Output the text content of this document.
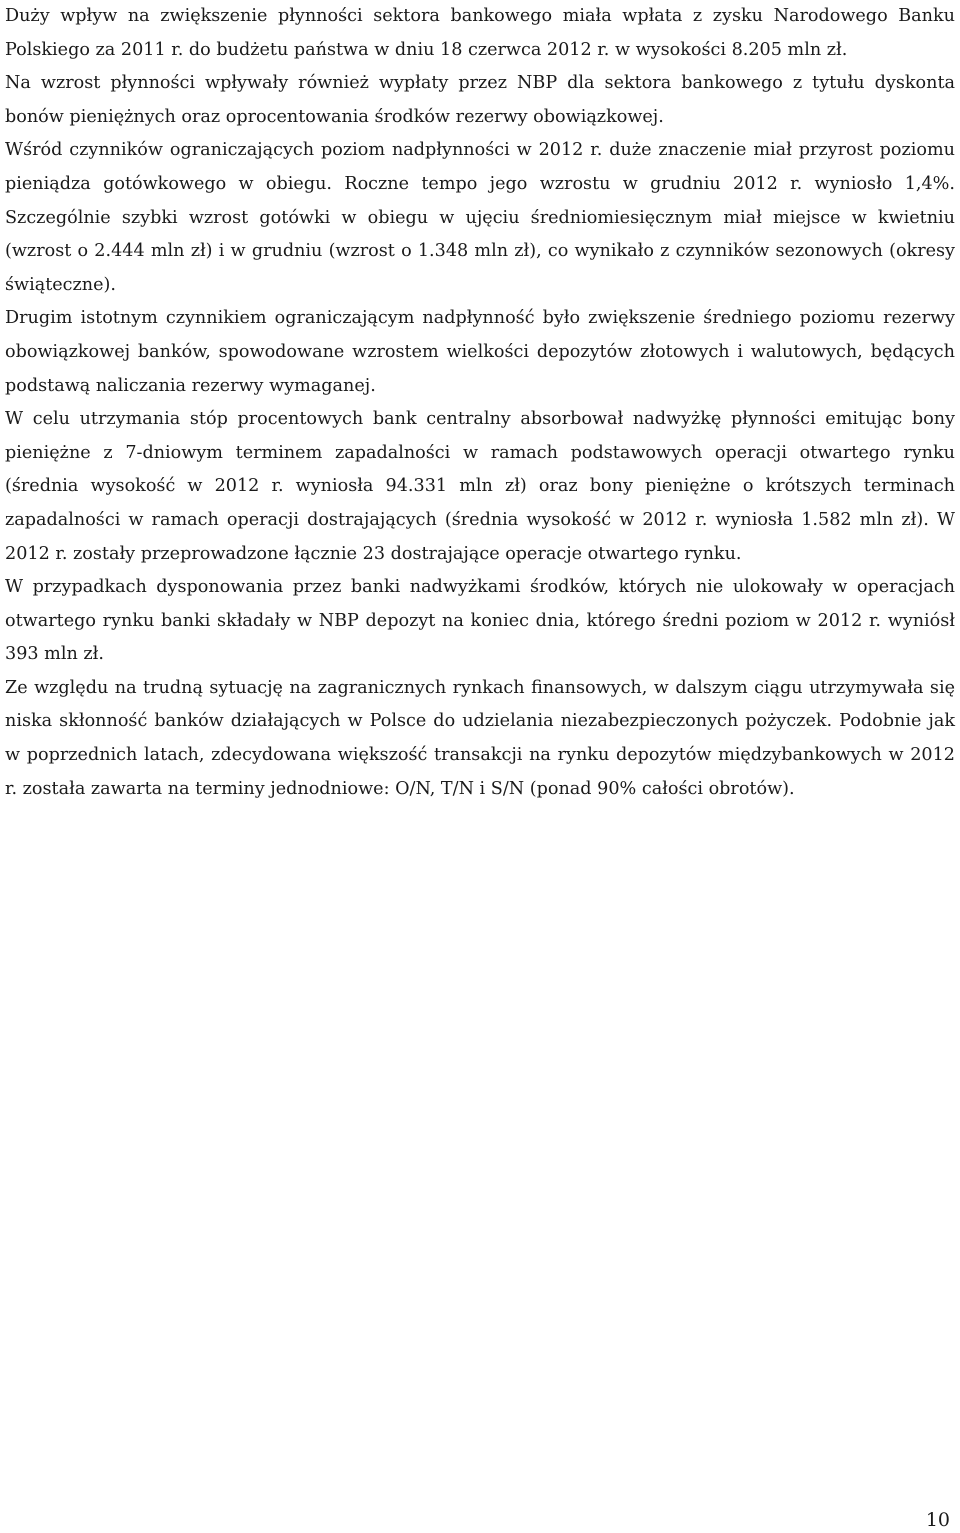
Duży wpływ na zwiększenie płynności sektora bankowego miała wpłata z zysku Narodowego Banku Polskiego za 2011 r. do budżetu państwa w dniu 18 czerwca 2012 r. w wysokości 8.205 mln zł.

Na wzrost płynności wpływały również wypłaty przez NBP dla sektora bankowego z tytułu dyskonta bonów pieniężnych oraz oprocentowania środków rezerwy obowiązkowej.

Wśród czynników ograniczających poziom nadpłynności w 2012 r. duże znaczenie miał przyrost poziomu pieniądza gotówkowego w obiegu. Roczne tempo jego wzrostu w grudniu 2012 r. wyniosło 1,4%. Szczególnie szybki wzrost gotówki w obiegu w ujęciu średniomiesięcznym miał miejsce w kwietniu (wzrost o 2.444 mln zł) i w grudniu (wzrost o 1.348 mln zł), co wynikało z czynników sezonowych (okresy świąteczne).

Drugim istotnym czynnikiem ograniczającym nadpłynność było zwiększenie średniego poziomu rezerwy obowiązkowej banków, spowodowane wzrostem wielkości depozytów złotowych i walutowych, będących podstawą naliczania rezerwy wymaganej.

W celu utrzymania stóp procentowych bank centralny absorbował nadwyżkę płynności emitując bony pieniężne z 7-dniowym terminem zapadalności w ramach podstawowych operacji otwartego rynku (średnia wysokość w 2012 r. wyniosła 94.331 mln zł) oraz bony pieniężne o krótszych terminach zapadalności w ramach operacji dostrajających (średnia wysokość w 2012 r. wyniosła 1.582 mln zł). W 2012 r. zostały przeprowadzone łącznie 23 dostrajające operacje otwartego rynku.

W przypadkach dysponowania przez banki nadwyżkami środków, których nie ulokowały w operacjach otwartego rynku banki składały w NBP depozyt na koniec dnia, którego średni poziom w 2012 r. wyniósł 393 mln zł.

Ze względu na trudną sytuację na zagranicznych rynkach finansowych, w dalszym ciągu utrzymywała się niska skłonność banków działających w Polsce do udzielania niezabezpieczonych pożyczek. Podobnie jak w poprzednich latach, zdecydowana większość transakcji na rynku depozytów międzybankowych w 2012 r. została zawarta na terminy jednodniowe: O/N, T/N i S/N (ponad 90% całości obrotów).

10
